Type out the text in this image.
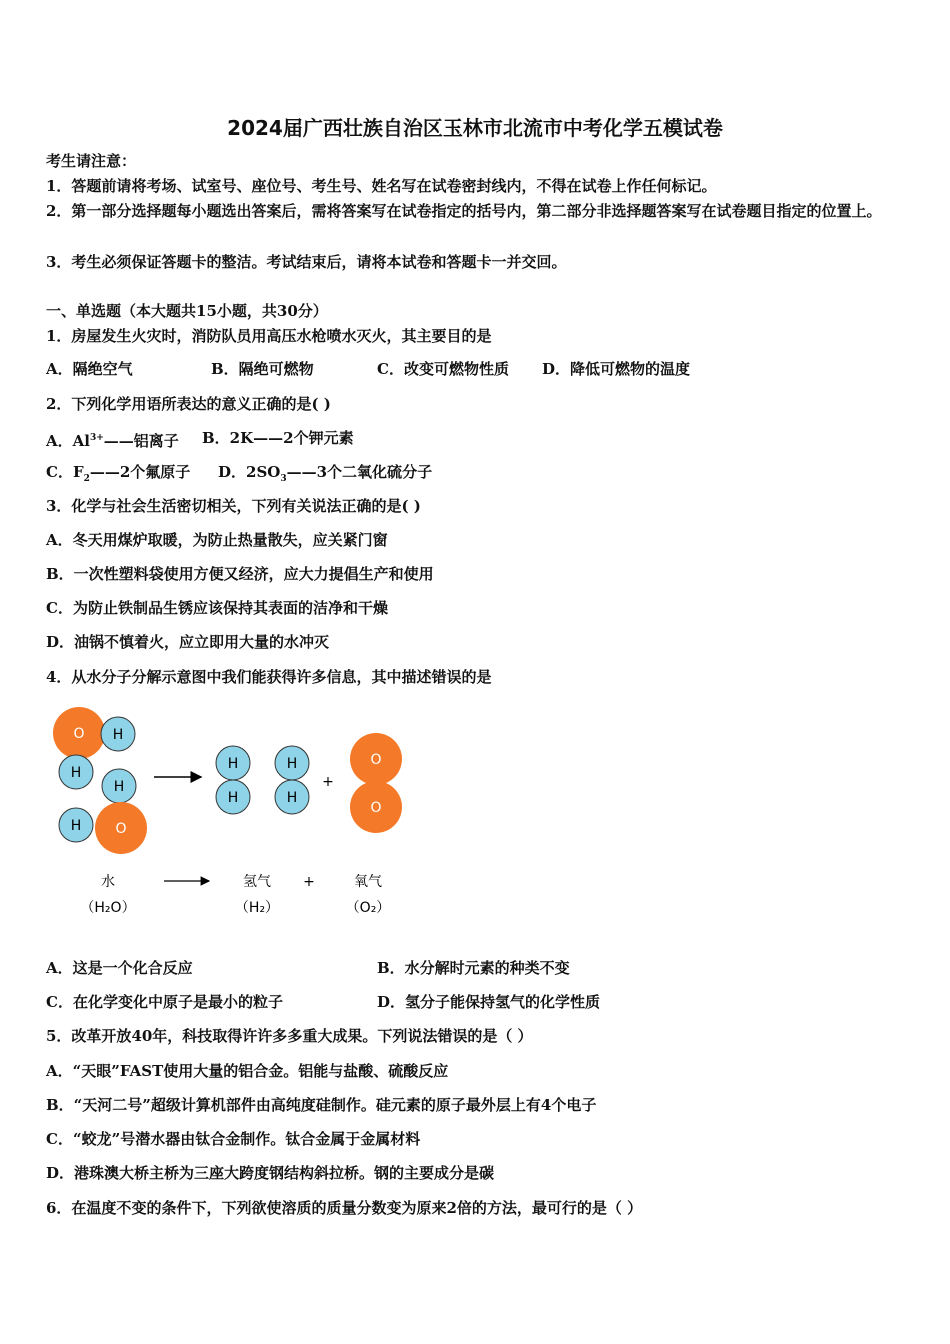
2024届广西壮族自治区玉林市北流市中考化学五模试卷
考生请注意：
1．答题前请将考场、试室号、座位号、考生号、姓名写在试卷密封线内，不得在试卷上作任何标记。
2．第一部分选择题每小题选出答案后，需将答案写在试卷指定的括号内，第二部分非选择题答案写在试卷题目指定的位置上。
3．考生必须保证答题卡的整洁。考试结束后，请将本试卷和答题卡一并交回。
一、单选题（本大题共15小题，共30分）
1．房屋发生火灾时，消防队员用高压水枪喷水灭火，其主要目的是
A．隔绝空气	B．隔绝可燃物	C．改变可燃物性质 D．降低可燃物的温度
2．下列化学用语所表达的意义正确的是( )
A．$Al^{3+}——$铝离子 B．2K——2个钾元素
C．$F_2——2$个氟原子 D．$2SO_3——3$个二氧化硫分子
3．化学与社会生活密切相关，下列有关说法正确的是( )
A．冬天用煤炉取暖，为防止热量散失，应关紧门窗
B．一次性塑料袋使用方便又经济，应大力提倡生产和使用
C．为防止铁制品生锈应该保持其表面的洁净和干燥
D．油锅不慎着火，应立即用大量的水冲灭
4．从水分子分解示意图中我们能获得许多信息，其中描述错误的是
O H
H
H
H O
H
H
H
H
+
O
O
水	氢气 +	氧气
（H₂O）	（H₂）	（O₂）
A．这是一个化合反应	B．水分解时元素的种类不变
C．在化学变化中原子是最小的粒子	D．氢分子能保持氢气的化学性质
5．改革开放40年，科技取得许许多多重大成果。下列说法错误的是（ ）
A．“天眼”FAST使用大量的铝合金。铝能与盐酸、硫酸反应
B．“天河二号”超级计算机部件由高纯度硅制作。硅元素的原子最外层上有4个电子
C．“蛟龙”号潜水器由钛合金制作。钛合金属于金属材料
D．港珠澳大桥主桥为三座大跨度钢结构斜拉桥。钢的主要成分是碳
6．在温度不变的条件下，下列欲使溶质的质量分数变为原来2倍的方法，最可行的是（ ）
